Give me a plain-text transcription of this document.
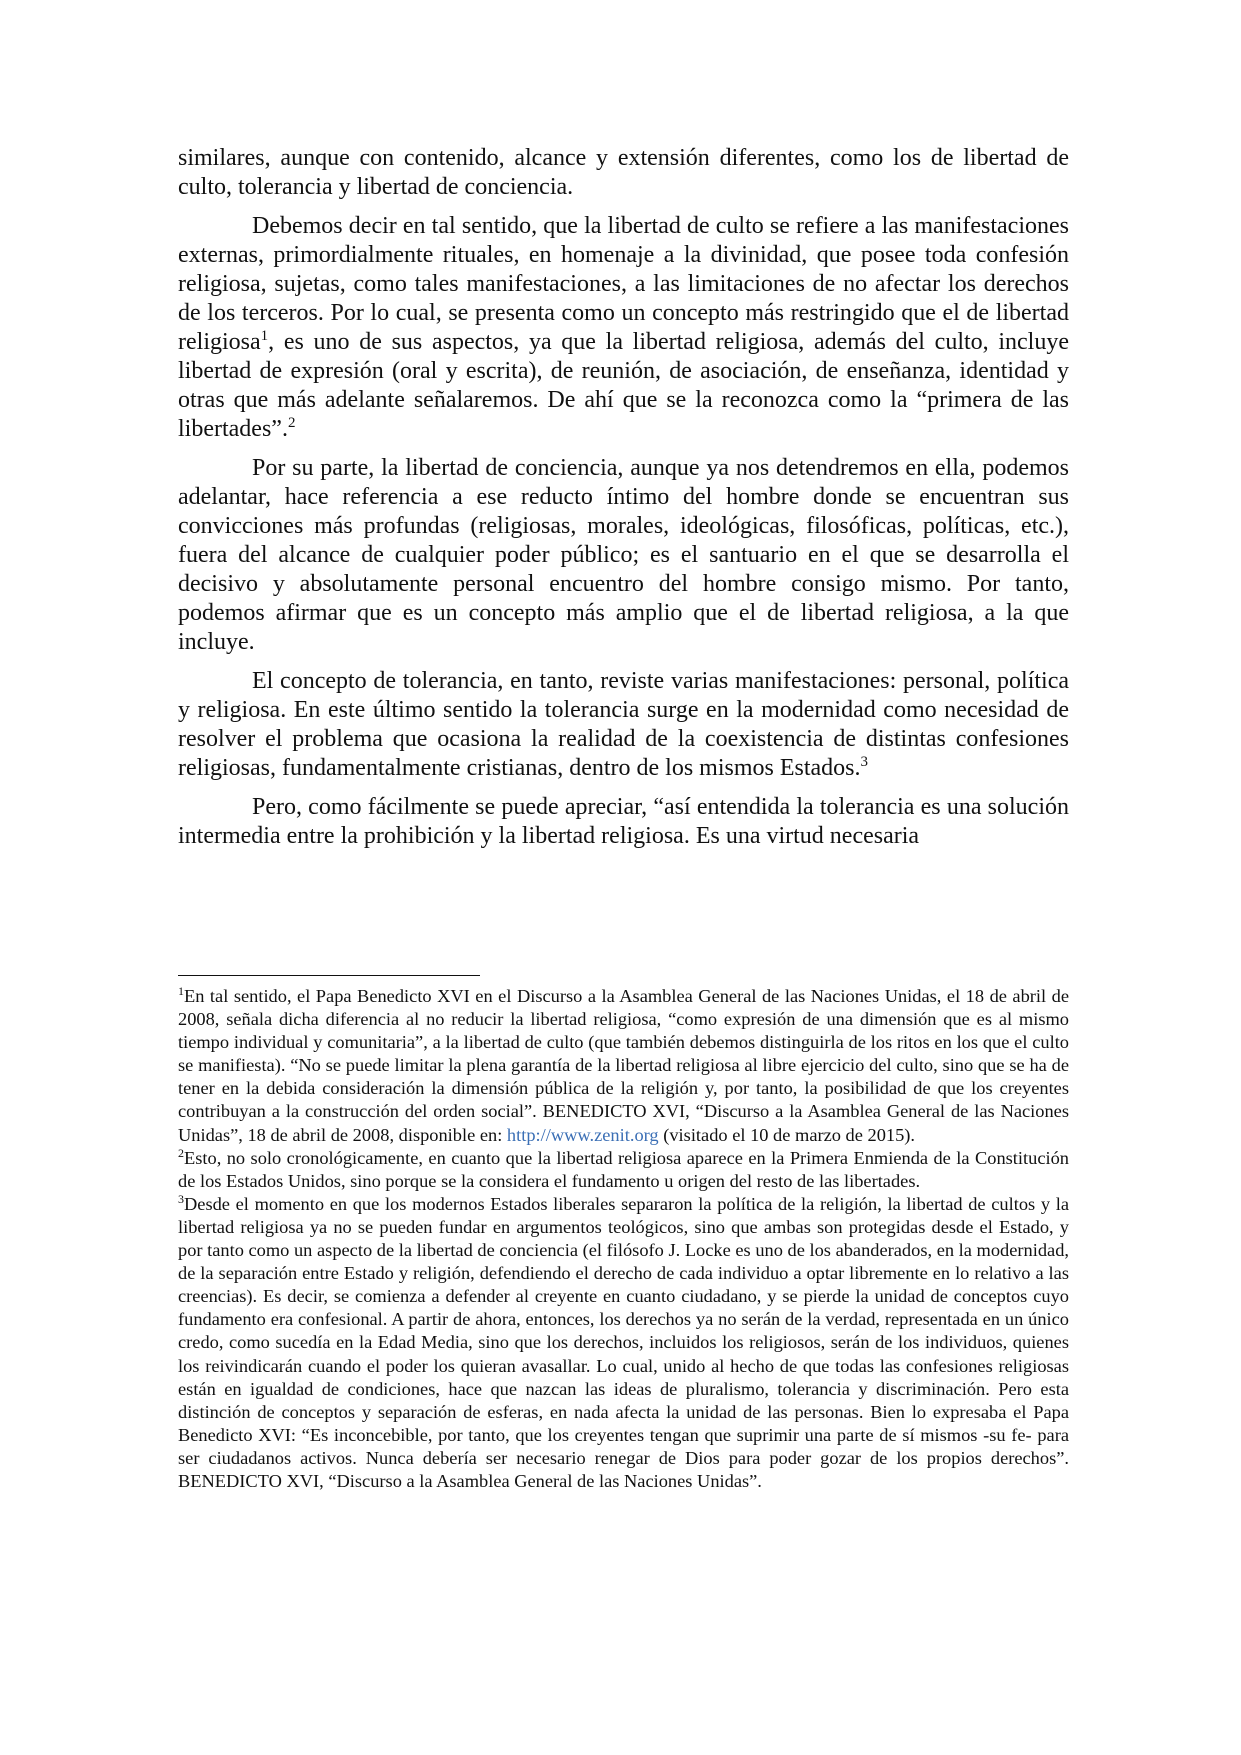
similares, aunque con contenido, alcance y extensión diferentes, como los de libertad de culto, tolerancia y libertad de conciencia.

Debemos decir en tal sentido, que la libertad de culto se refiere a las manifestaciones externas, primordialmente rituales, en homenaje a la divinidad, que posee toda confesión religiosa, sujetas, como tales manifestaciones, a las limitaciones de no afectar los derechos de los terceros. Por lo cual, se presenta como un concepto más restringido que el de libertad religiosa$^1$, es uno de sus aspectos, ya que la libertad religiosa, además del culto, incluye libertad de expresión (oral y escrita), de reunión, de asociación, de enseñanza, identidad y otras que más adelante señalaremos. De ahí que se la reconozca como la “primera de las libertades”.$^2$

Por su parte, la libertad de conciencia, aunque ya nos detendremos en ella, podemos adelantar, hace referencia a ese reducto íntimo del hombre donde se encuentran sus convicciones más profundas (religiosas, morales, ideológicas, filosóficas, políticas, etc.), fuera del alcance de cualquier poder público; es el santuario en el que se desarrolla el decisivo y absolutamente personal encuentro del hombre consigo mismo. Por tanto, podemos afirmar que es un concepto más amplio que el de libertad religiosa, a la que incluye.

El concepto de tolerancia, en tanto, reviste varias manifestaciones: personal, política y religiosa. En este último sentido la tolerancia surge en la modernidad como necesidad de resolver el problema que ocasiona la realidad de la coexistencia de distintas confesiones religiosas, fundamentalmente cristianas, dentro de los mismos Estados.$^3$

Pero, como fácilmente se puede apreciar, “así entendida la tolerancia es una solución intermedia entre la prohibición y la libertad religiosa. Es una virtud necesaria

$^1$En tal sentido, el Papa Benedicto XVI en el Discurso a la Asamblea General de las Naciones Unidas, el 18 de abril de 2008, señala dicha diferencia al no reducir la libertad religiosa, “como expresión de una dimensión que es al mismo tiempo individual y comunitaria”, a la libertad de culto (que también debemos distinguirla de los ritos en los que el culto se manifiesta). “No se puede limitar la plena garantía de la libertad religiosa al libre ejercicio del culto, sino que se ha de tener en la debida consideración la dimensión pública de la religión y, por tanto, la posibilidad de que los creyentes contribuyan a la construcción del orden social”. BENEDICTO XVI, “Discurso a la Asamblea General de las Naciones Unidas”, 18 de abril de 2008, disponible en: http://www.zenit.org (visitado el 10 de marzo de 2015).

$^2$Esto, no solo cronológicamente, en cuanto que la libertad religiosa aparece en la Primera Enmienda de la Constitución de los Estados Unidos, sino porque se la considera el fundamento u origen del resto de las libertades.

$^3$Desde el momento en que los modernos Estados liberales separaron la política de la religión, la libertad de cultos y la libertad religiosa ya no se pueden fundar en argumentos teológicos, sino que ambas son protegidas desde el Estado, y por tanto como un aspecto de la libertad de conciencia (el filósofo J. Locke es uno de los abanderados, en la modernidad, de la separación entre Estado y religión, defendiendo el derecho de cada individuo a optar libremente en lo relativo a las creencias). Es decir, se comienza a defender al creyente en cuanto ciudadano, y se pierde la unidad de conceptos cuyo fundamento era confesional. A partir de ahora, entonces, los derechos ya no serán de la verdad, representada en un único credo, como sucedía en la Edad Media, sino que los derechos, incluidos los religiosos, serán de los individuos, quienes los reivindicarán cuando el poder los quieran avasallar. Lo cual, unido al hecho de que todas las confesiones religiosas están en igualdad de condiciones, hace que nazcan las ideas de pluralismo, tolerancia y discriminación. Pero esta distinción de conceptos y separación de esferas, en nada afecta la unidad de las personas. Bien lo expresaba el Papa Benedicto XVI: “Es inconcebible, por tanto, que los creyentes tengan que suprimir una parte de sí mismos -su fe- para ser ciudadanos activos. Nunca debería ser necesario renegar de Dios para poder gozar de los propios derechos”. BENEDICTO XVI, “Discurso a la Asamblea General de las Naciones Unidas”.
